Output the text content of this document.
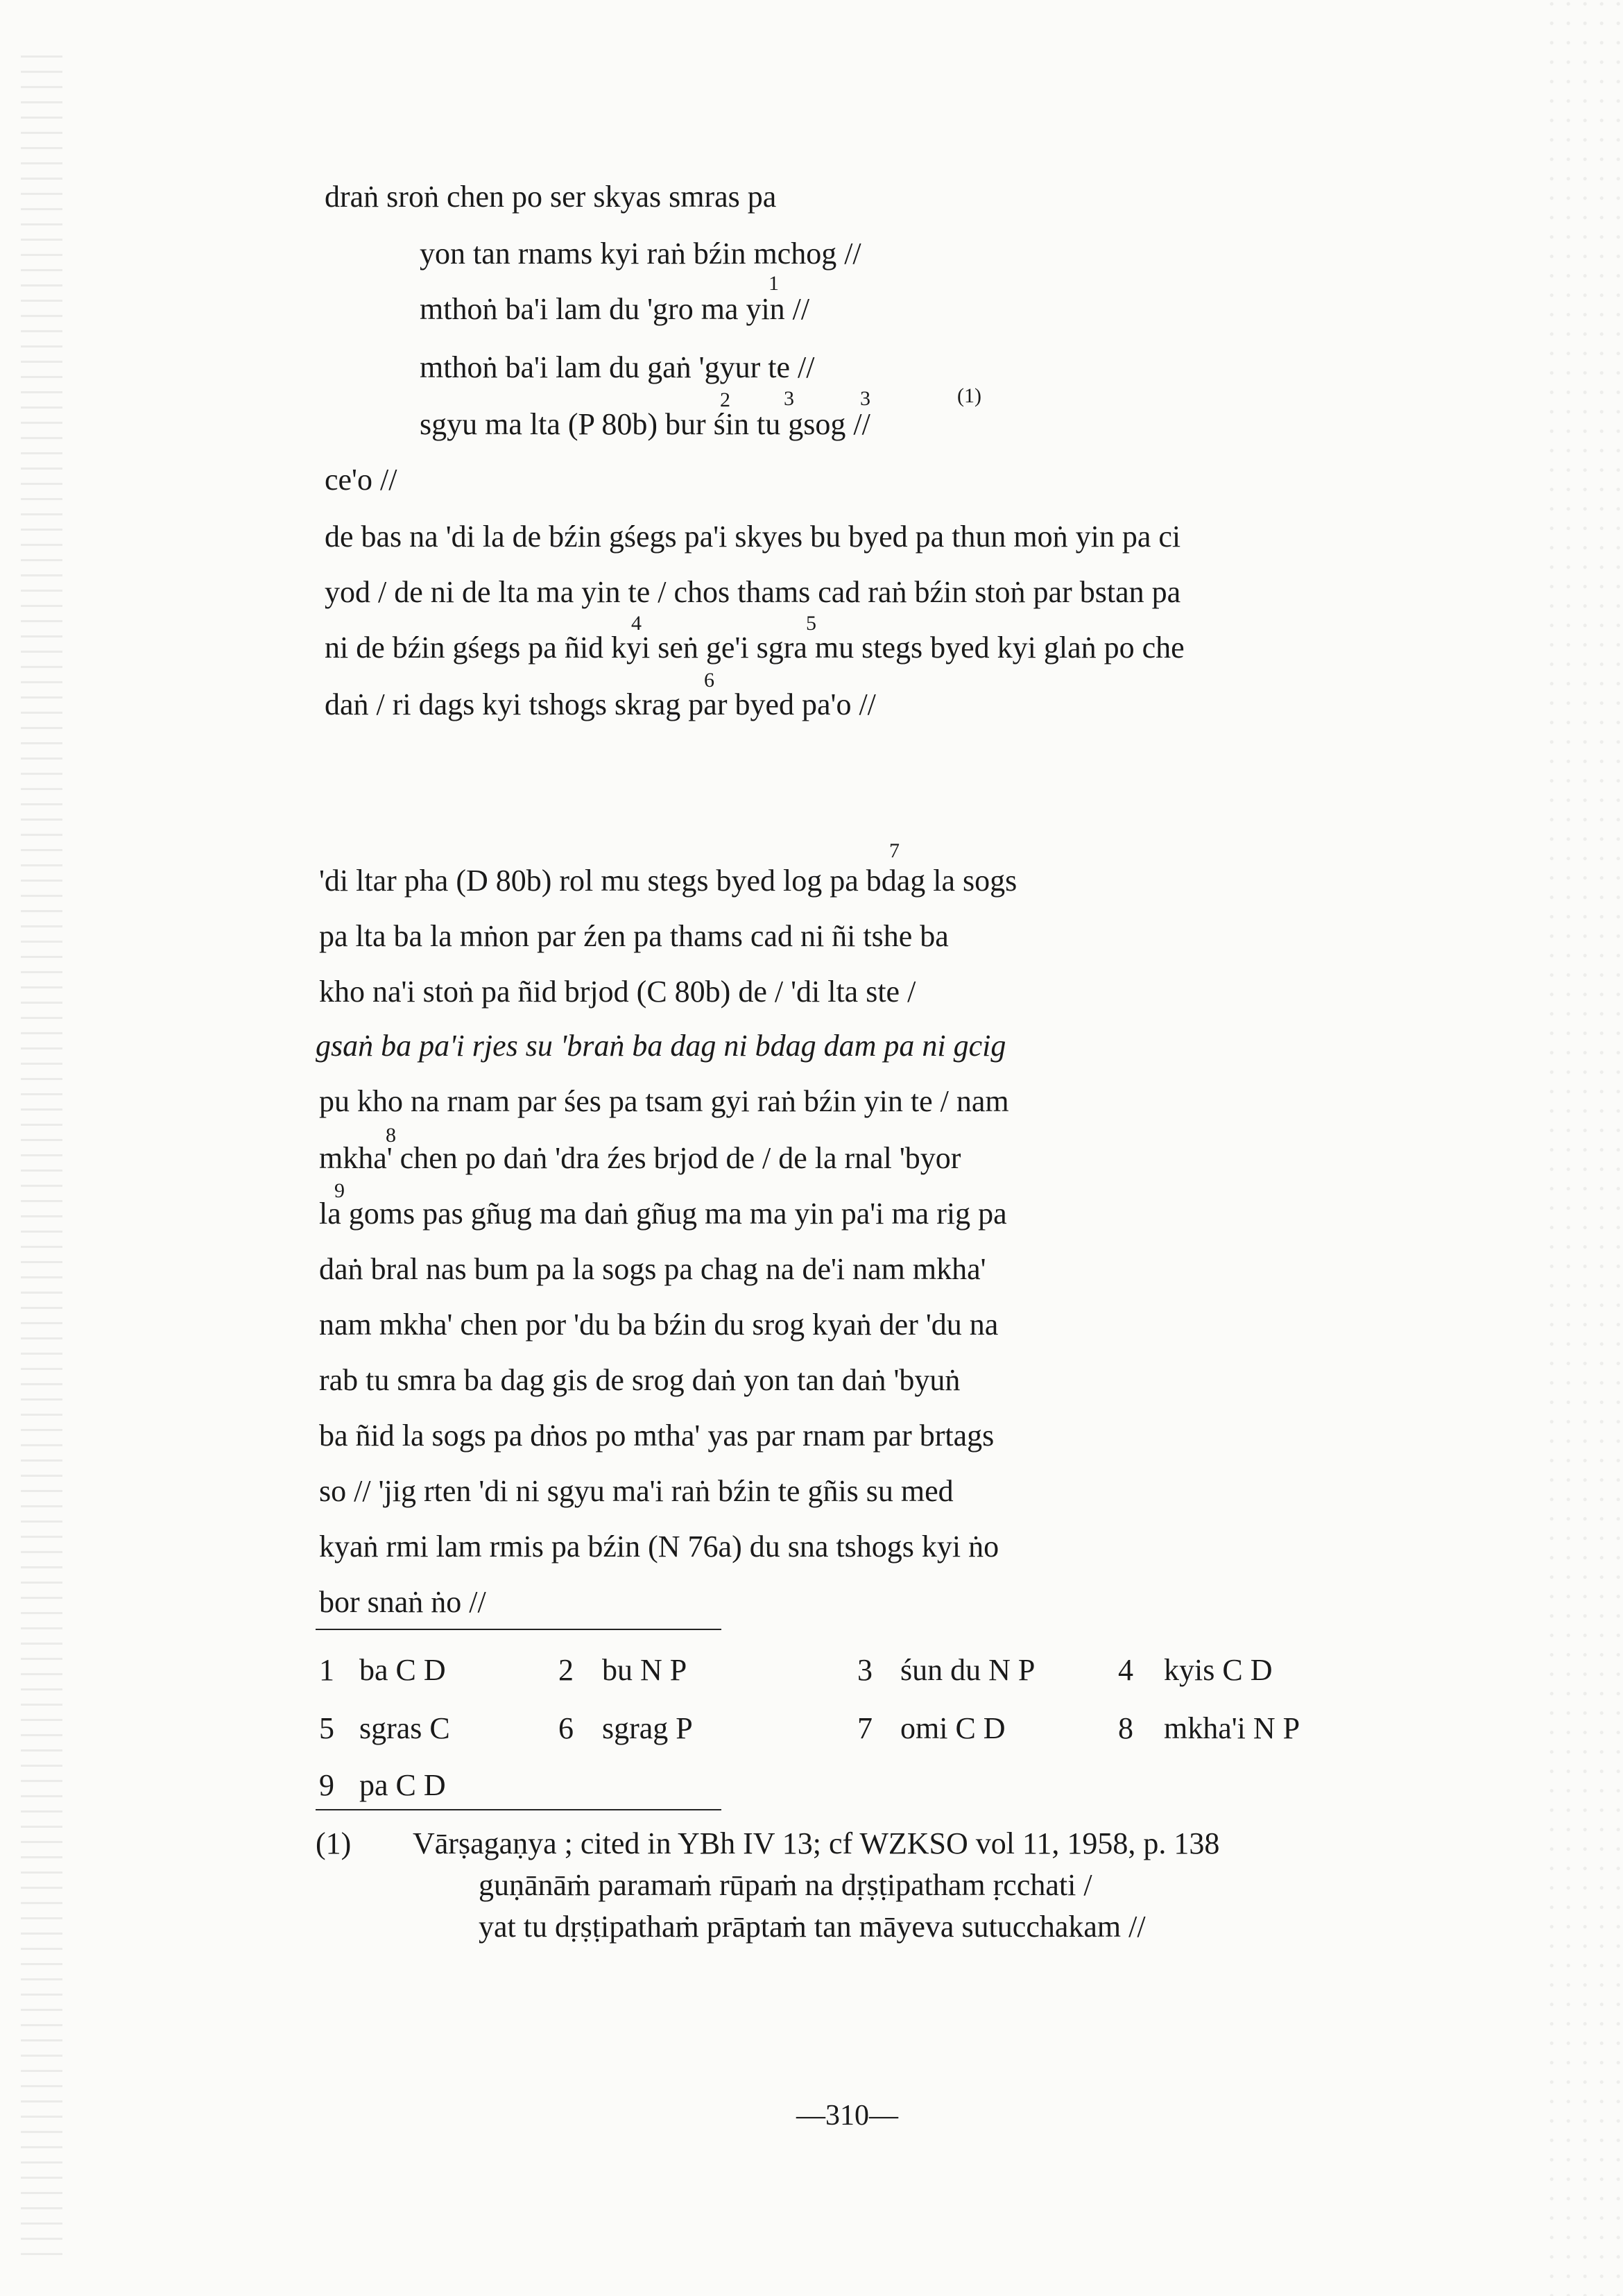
draṅ sroṅ chen po ser skyas smras pa
yon tan rnams kyi raṅ bźin mchog //
mthoṅ ba'i lam du 'gro ma yin //
mthoṅ ba'i lam du gaṅ 'gyur te //
sgyu ma lta (P 80b) bur śin tu gsog //
ce'o //
de bas na 'di la de bźin gśegs pa'i skyes bu byed pa thun moṅ yin pa ci
yod / de ni de lta ma yin te / chos thams cad raṅ bźin stoṅ par bstan pa
ni de bźin gśegs pa ñid kyi seṅ ge'i sgra mu stegs byed kyi glaṅ po che
daṅ / ri dags kyi tshogs skrag par byed pa'o //
1
2	3	3	(1)
4	5
6
'di ltar pha (D 80b) rol mu stegs byed log pa bdag la sogs
pa lta ba la mṅon par źen pa thams cad ni ñi tshe ba
kho na'i stoṅ pa ñid brjod (C 80b) de / 'di lta ste /
gsaṅ ba pa'i rjes su 'braṅ ba dag ni bdag dam pa ni gcig
pu kho na rnam par śes pa tsam gyi raṅ bźin yin te / nam
mkha' chen po daṅ 'dra źes brjod de / de la rnal 'byor
la goms pas gñug ma daṅ gñug ma ma yin pa'i ma rig pa
daṅ bral nas bum pa la sogs pa chag na de'i nam mkha'
nam mkha' chen por 'du ba bźin du srog kyaṅ der 'du na
rab tu smra ba dag gis de srog daṅ yon tan daṅ 'byuṅ
ba ñid la sogs pa dṅos po mtha' yas par rnam par brtags
so // 'jig rten 'di ni sgyu ma'i raṅ bźin te gñis su med
kyaṅ rmi lam rmis pa bźin (N 76a) du sna tshogs kyi ṅo
bor snaṅ ṅo //
7
8
9
1 ba C D	2 bu N P	3 śun du N P	4 kyis C D
5 sgras C	6 sgrag P	7 omi C D	8 mkha'i N P
9 pa C D
(1) Vārṣagaṇya ; cited in YBh IV 13; cf WZKSO vol 11, 1958, p. 138
guṇānāṁ paramaṁ rūpaṁ na dṛṣṭipatham ṛcchati /
yat tu dṛṣṭipathaṁ prāptaṁ tan māyeva sutucchakam //
—310—
